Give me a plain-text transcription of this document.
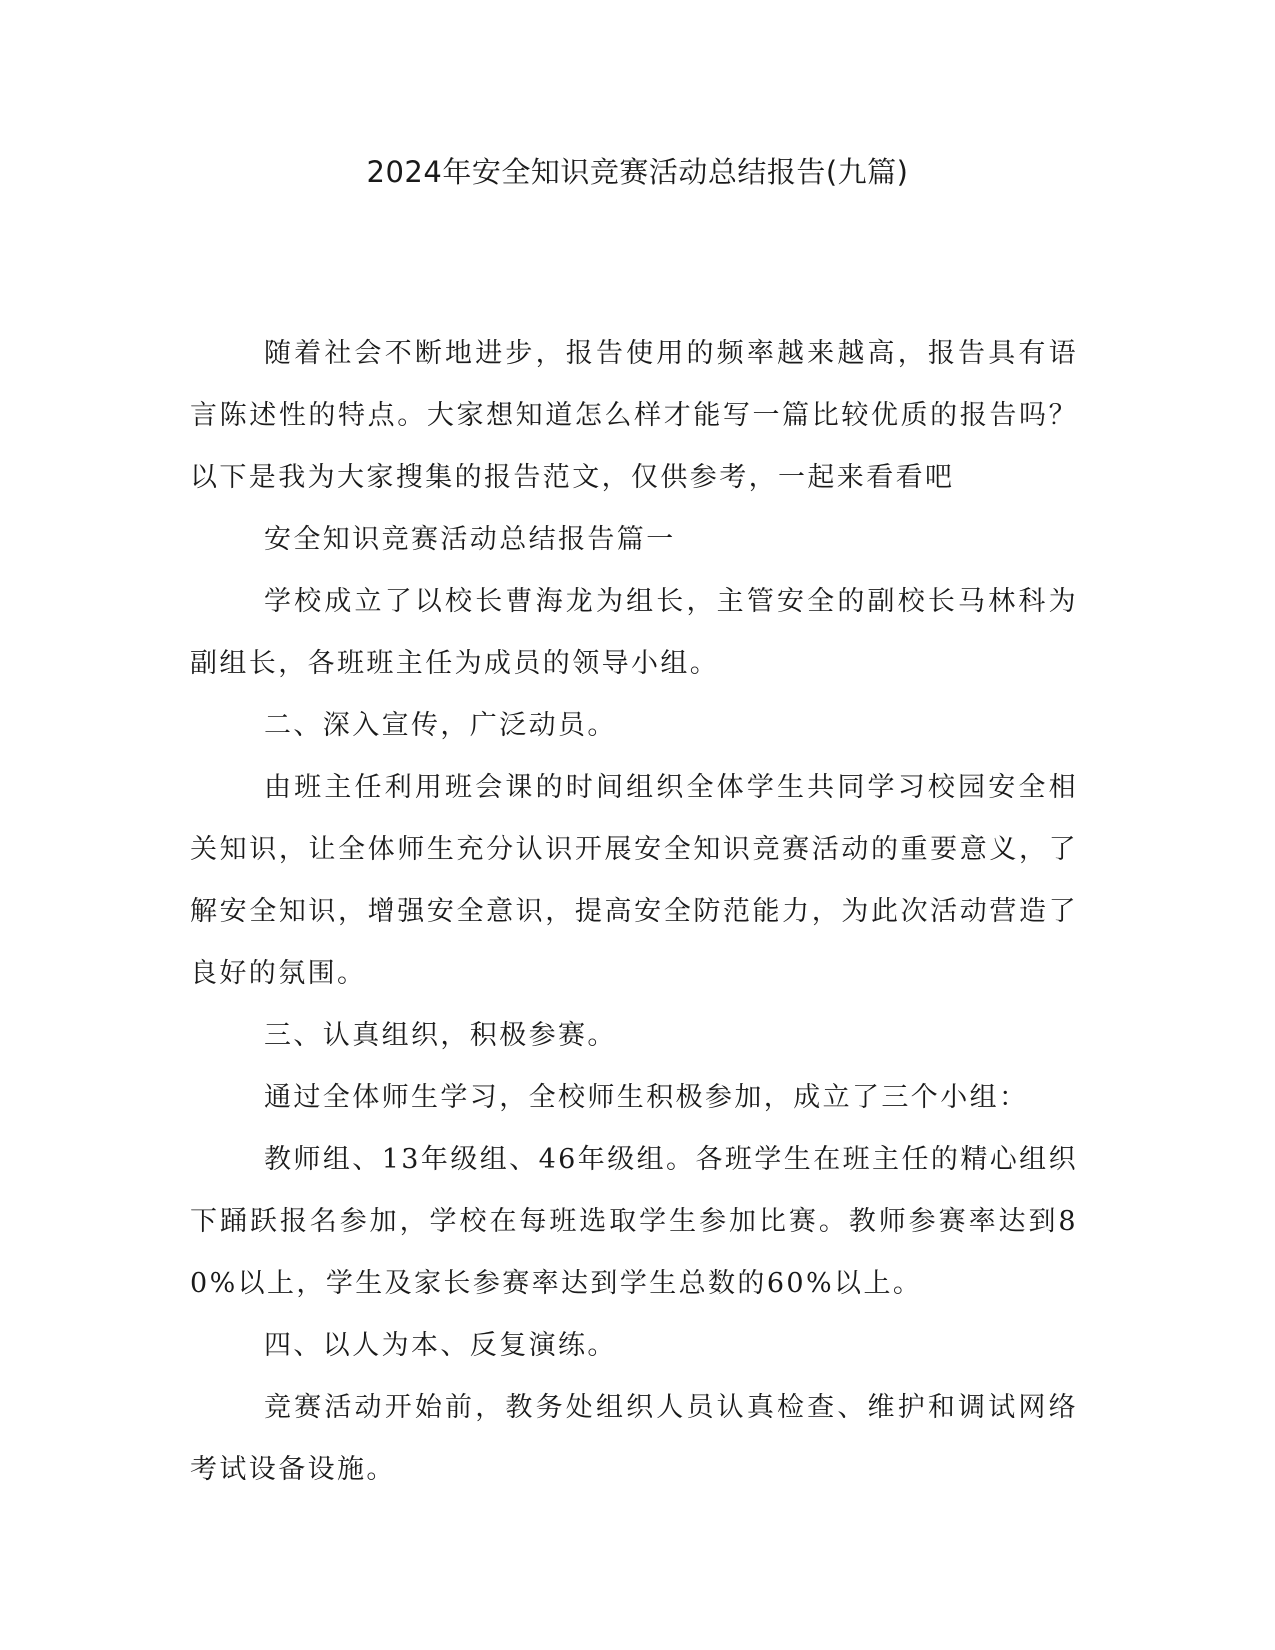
2024年安全知识竞赛活动总结报告(九篇)

随着社会不断地进步，报告使用的频率越来越高，报告具有语言陈述性的特点。大家想知道怎么样才能写一篇比较优质的报告吗？以下是我为大家搜集的报告范文，仅供参考，一起来看看吧

安全知识竞赛活动总结报告篇一

学校成立了以校长曹海龙为组长，主管安全的副校长马林科为副组长，各班班主任为成员的领导小组。

二、深入宣传，广泛动员。

由班主任利用班会课的时间组织全体学生共同学习校园安全相关知识，让全体师生充分认识开展安全知识竞赛活动的重要意义，了解安全知识，增强安全意识，提高安全防范能力，为此次活动营造了良好的氛围。

三、认真组织，积极参赛。

通过全体师生学习，全校师生积极参加，成立了三个小组：

教师组、13年级组、46年级组。各班学生在班主任的精心组织下踊跃报名参加，学校在每班选取学生参加比赛。教师参赛率达到80%以上，学生及家长参赛率达到学生总数的60%以上。

四、以人为本、反复演练。

竞赛活动开始前，教务处组织人员认真检查、维护和调试网络考试设备设施。
